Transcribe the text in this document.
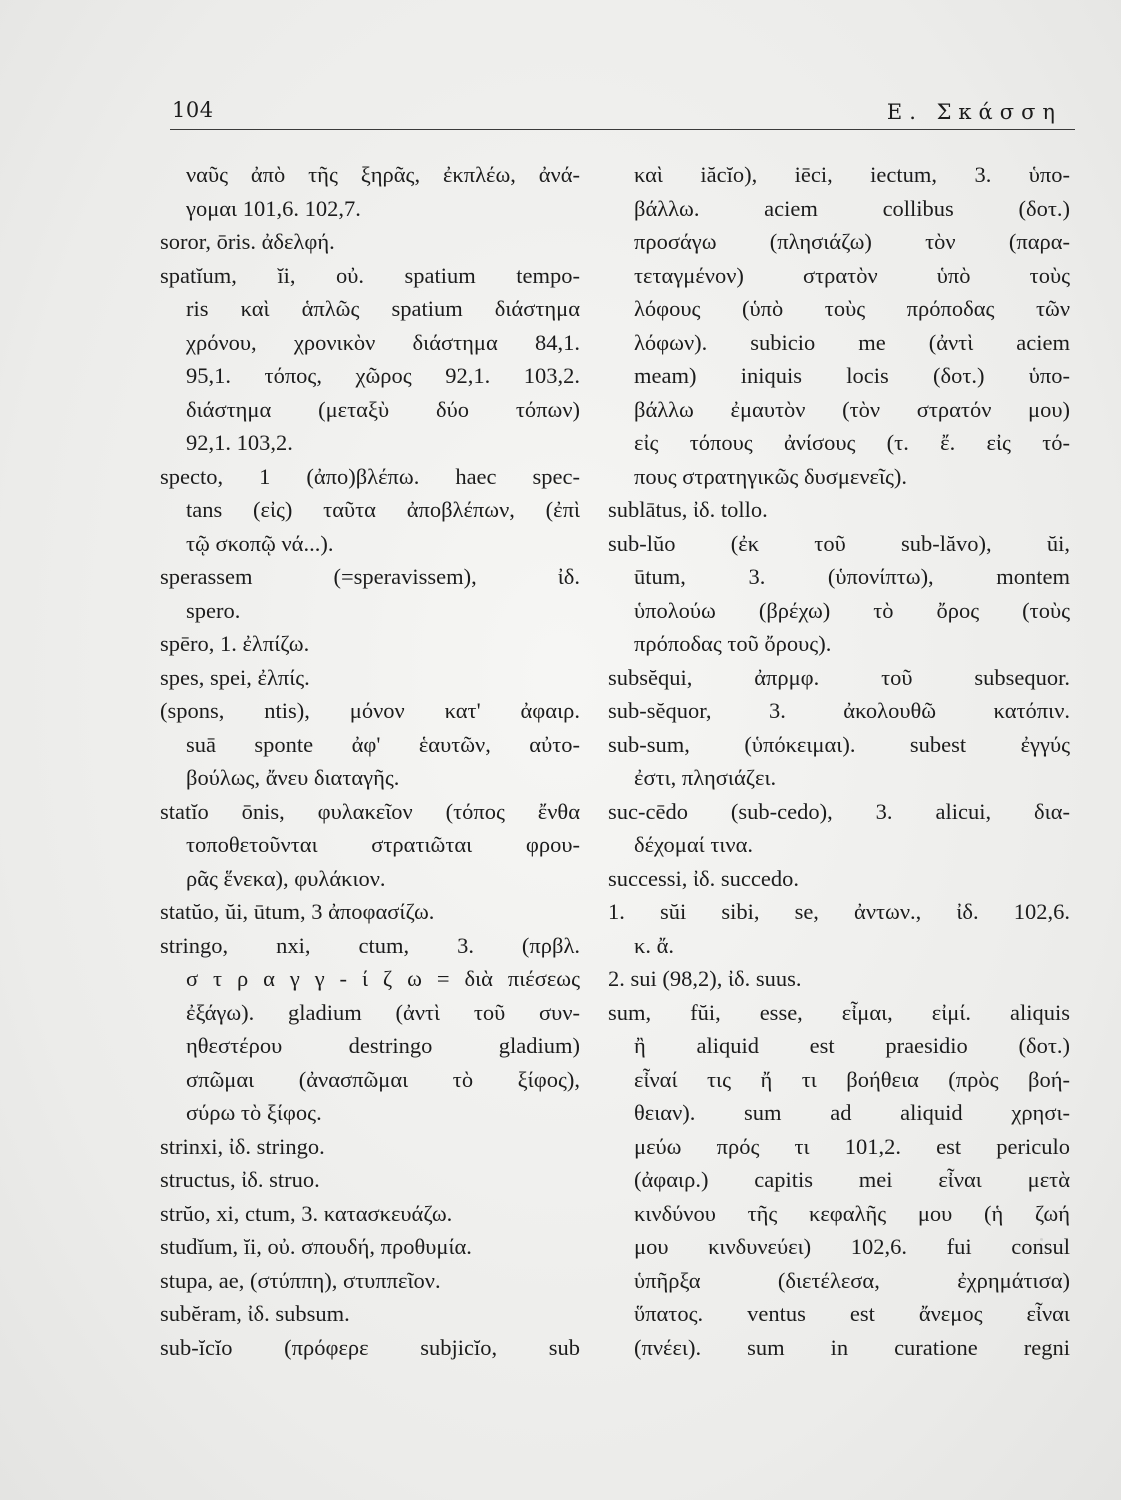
104	Ε. Σκάσση
ναῦς ἀπὸ τῆς ξηρᾶς, ἐκπλέω, ἀνά-
γομαι 101,6. 102,7.
soror, ōris. ἀδελφή.
spatĭum, ĭi, οὐ. spatium tempo-
ris καὶ ἁπλῶς spatium διάστημα
χρόνου, χρονικὸν διάστημα 84,1.
95,1. τόπος, χῶρος 92,1. 103,2.
διάστημα (μεταξὺ δύο τόπων)
92,1. 103,2.
specto, 1 (ἀπο)βλέπω. haec spec-
tans (εἰς) ταῦτα ἀποβλέπων, (ἐπὶ
τῷ σκοπῷ νά...).
sperassem (=speravissem), ἰδ.
spero.
spēro, 1. ἐλπίζω.
spes, spei, ἐλπίς.
(spons, ntis), μόνον κατ' ἀφαιρ.
suā sponte ἀφ' ἑαυτῶν, αὐτο-
βούλως, ἄνευ διαταγῆς.
statĭo ōnis, φυλακεῖον (τόπος ἔνθα
τοποθετοῦνται στρατιῶται φρου-
ρᾶς ἕνεκα), φυλάκιον.
statŭo, ŭi, ūtum, 3 ἀποφασίζω.
stringo, nxi, ctum, 3. (πρβλ.
σ τ ρ α γ γ - ί ζ ω = διὰ πιέσεως
ἐξάγω). gladium (ἀντὶ τοῦ συν-
ηθεστέρου destringo gladium)
σπῶμαι (ἀνασπῶμαι τὸ ξίφος),
σύρω τὸ ξίφος.
strinxi, ἰδ. stringo.
structus, ἰδ. struo.
strŭo, xi, ctum, 3. κατασκευάζω.
studĭum, ĭi, οὐ. σπουδή, προθυμία.
stupa, ae, (στύππη), στυππεῖον.
subĕram, ἰδ. subsum.
sub-ĭcĭo (πρόφερε subjicĭo, sub
καὶ iăcĭo), iēci, iectum, 3. ὑπο-
βάλλω. aciem collibus (δοτ.)
προσάγω (πλησιάζω) τὸν (παρα-
τεταγμένον) στρατὸν ὑπὸ τοὺς
λόφους (ὑπὸ τοὺς πρόποδας τῶν
λόφων). subicio me (ἀντὶ aciem
meam) iniquis locis (δοτ.) ὑπο-
βάλλω ἐμαυτὸν (τὸν στρατόν μου)
εἰς τόπους ἀνίσους (τ. ἔ. εἰς τό-
πους στρατηγικῶς δυσμενεῖς).
sublātus, ἰδ. tollo.
sub-lŭo (ἐκ τοῦ sub-lăvo), ŭi,
ūtum, 3. (ὑπονίπτω), montem
ὑπολούω (βρέχω) τὸ ὄρος (τοὺς
πρόποδας τοῦ ὄρους).
subsĕqui, ἀπρμφ. τοῦ subsequor.
sub-sĕquor, 3. ἀκολουθῶ κατόπιν.
sub-sum, (ὑπόκειμαι). subest ἐγγύς
ἐστι, πλησιάζει.
suc-cēdo (sub-cedo), 3. alicui, δια-
δέχομαί τινα.
successi, ἰδ. succedo.
1. sŭi sibi, se, ἀντων., ἰδ. 102,6.
κ. ἄ.
2. sui (98,2), ἰδ. suus.
sum, fŭi, esse, εἶμαι, εἰμί. aliquis
ἢ aliquid est praesidio (δοτ.)
εἶναί τις ἤ τι βοήθεια (πρὸς βοή-
θειαν). sum ad aliquid χρησι-
μεύω πρός τι 101,2. est periculo
(ἀφαιρ.) capitis mei εἶναι μετὰ
κινδύνου τῆς κεφαλῆς μου (ἡ ζωή
μου κινδυνεύει) 102,6. fui consul
ὑπῆρξα (διετέλεσα, ἐχρημάτισα)
ὕπατος. ventus est ἄνεμος εἶναι
(πνέει). sum in curatione regni
